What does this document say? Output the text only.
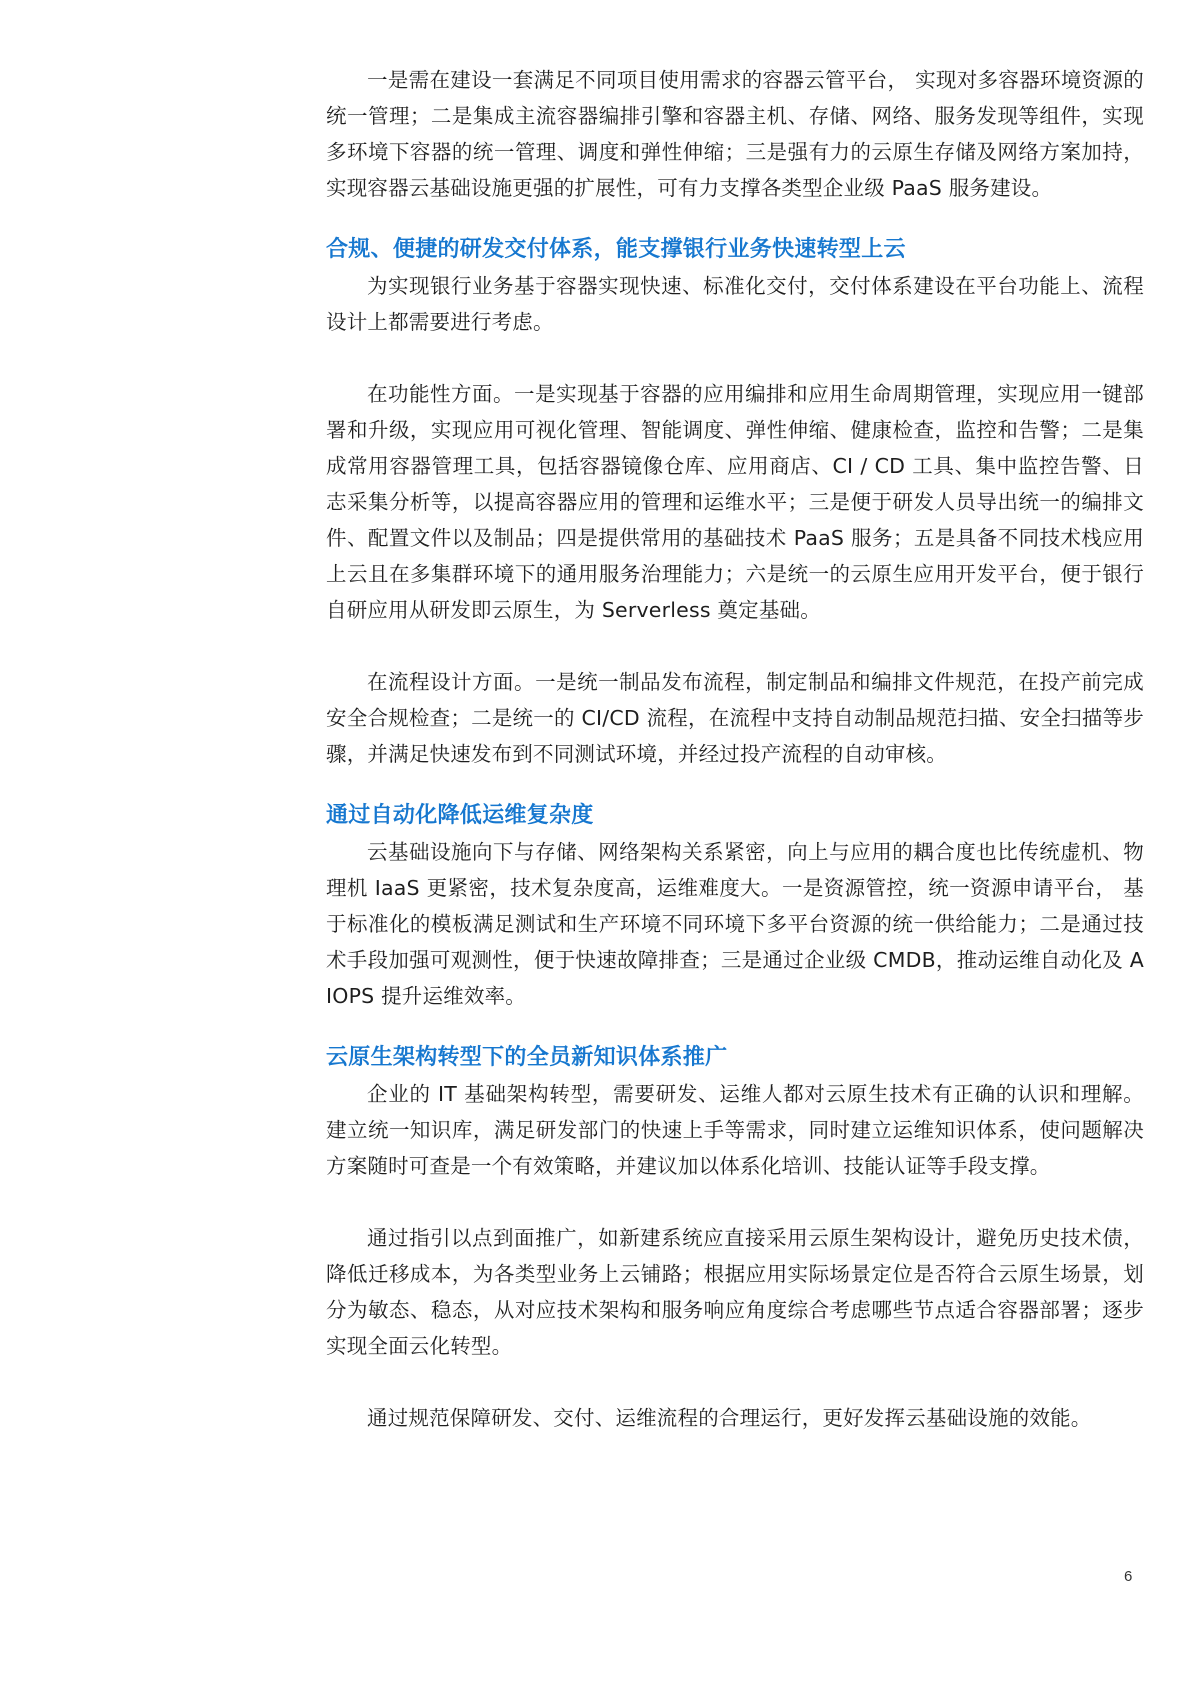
一是需在建设一套满足不同项目使用需求的容器云管平台， 实现对多容器环境资源的统一管理；二是集成主流容器编排引擎和容器主机、存储、网络、服务发现等组件，实现多环境下容器的统一管理、调度和弹性伸缩；三是强有力的云原生存储及网络方案加持，实现容器云基础设施更强的扩展性，可有力支撑各类型企业级 PaaS 服务建设。

合规、便捷的研发交付体系，能支撑银行业务快速转型上云

为实现银行业务基于容器实现快速、标准化交付，交付体系建设在平台功能上、流程设计上都需要进行考虑。

在功能性方面。一是实现基于容器的应用编排和应用生命周期管理，实现应用一键部署和升级，实现应用可视化管理、智能调度、弹性伸缩、健康检查，监控和告警；二是集成常用容器管理工具，包括容器镜像仓库、应用商店、CI / CD 工具、集中监控告警、日志采集分析等，以提高容器应用的管理和运维水平；三是便于研发人员导出统一的编排文件、配置文件以及制品；四是提供常用的基础技术 PaaS 服务；五是具备不同技术栈应用上云且在多集群环境下的通用服务治理能力；六是统一的云原生应用开发平台，便于银行自研应用从研发即云原生，为 Serverless 奠定基础。

在流程设计方面。一是统一制品发布流程，制定制品和编排文件规范，在投产前完成安全合规检查；二是统一的 CI/CD 流程，在流程中支持自动制品规范扫描、安全扫描等步骤，并满足快速发布到不同测试环境，并经过投产流程的自动审核。

通过自动化降低运维复杂度

云基础设施向下与存储、网络架构关系紧密，向上与应用的耦合度也比传统虚机、物理机 IaaS 更紧密，技术复杂度高，运维难度大。一是资源管控，统一资源申请平台， 基于标准化的模板满足测试和生产环境不同环境下多平台资源的统一供给能力；二是通过技术手段加强可观测性，便于快速故障排查；三是通过企业级 CMDB，推动运维自动化及 AIOPS 提升运维效率。

云原生架构转型下的全员新知识体系推广

企业的 IT 基础架构转型，需要研发、运维人都对云原生技术有正确的认识和理解。建立统一知识库，满足研发部门的快速上手等需求，同时建立运维知识体系，使问题解决方案随时可查是一个有效策略，并建议加以体系化培训、技能认证等手段支撑。

通过指引以点到面推广，如新建系统应直接采用云原生架构设计，避免历史技术债，降低迁移成本，为各类型业务上云铺路；根据应用实际场景定位是否符合云原生场景，划分为敏态、稳态，从对应技术架构和服务响应角度综合考虑哪些节点适合容器部署；逐步实现全面云化转型。

通过规范保障研发、交付、运维流程的合理运行，更好发挥云基础设施的效能。

6
